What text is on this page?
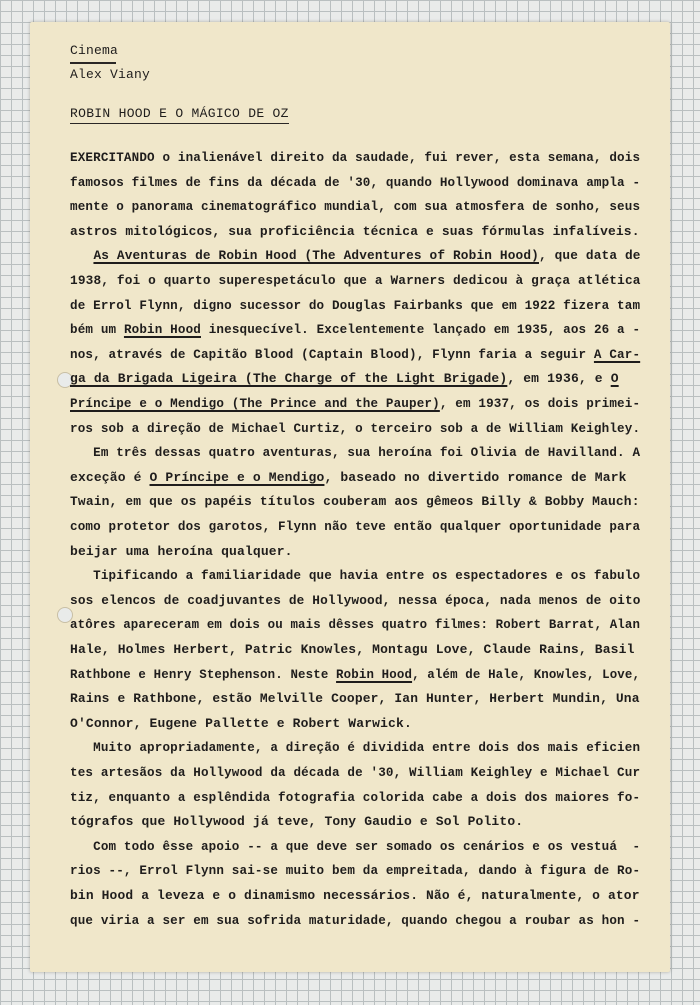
Cinema
Alex Viany
ROBIN HOOD E O MÁGICO DE OZ
EXERCITANDO o inalienável direito da saudade, fui rever, esta semana, dois
famosos filmes de fins da década de '30, quando Hollywood dominava ampla -
mente o panorama cinematográfico mundial, com sua atmosfera de sonho, seus
astros mitológicos, sua proficiência técnica e suas fórmulas infalíveis.
As Aventuras de Robin Hood (The Adventures of Robin Hood), que data de
1938, foi o quarto superespetáculo que a Warners dedicou à graça atlética
de Errol Flynn, digno sucessor do Douglas Fairbanks que em 1922 fizera tam
bém um Robin Hood inesquecível. Excelentemente lançado em 1935, aos 26 a -
nos, através de Capitão Blood (Captain Blood), Flynn faria a seguir A Car-
ga da Brigada Ligeira (The Charge of the Light Brigade), em 1936, e O
Príncipe e o Mendigo (The Prince and the Pauper), em 1937, os dois primei-
ros sob a direção de Michael Curtiz, o terceiro sob a de William Keighley.
Em três dessas quatro aventuras, sua heroína foi Olivia de Havilland. A
exceção é O Príncipe e o Mendigo, baseado no divertido romance de Mark
Twain, em que os papéis títulos couberam aos gêmeos Billy & Bobby Mauch:
como protetor dos garotos, Flynn não teve então qualquer oportunidade para
beijar uma heroína qualquer.
Tipificando a familiaridade que havia entre os espectadores e os fabulo
sos elencos de coadjuvantes de Hollywood, nessa época, nada menos de oito
atôres apareceram em dois ou mais dêsses quatro filmes: Robert Barrat, Alan
Hale, Holmes Herbert, Patric Knowles, Montagu Love, Claude Rains, Basil
Rathbone e Henry Stephenson. Neste Robin Hood, além de Hale, Knowles, Love,
Rains e Rathbone, estão Melville Cooper, Ian Hunter, Herbert Mundin, Una
O'Connor, Eugene Pallette e Robert Warwick.
Muito apropriadamente, a direção é dividida entre dois dos mais eficien
tes artesãos da Hollywood da década de '30, William Keighley e Michael Cur
tiz, enquanto a esplêndida fotografia colorida cabe a dois dos maiores fo-
tógrafos que Hollywood já teve, Tony Gaudio e Sol Polito.
Com todo êsse apoio -- a que deve ser somado os cenários e os vestuá  -
rios --, Errol Flynn sai-se muito bem da empreitada, dando à figura de Ro-
bin Hood a leveza e o dinamismo necessários. Não é, naturalmente, o ator
que viria a ser em sua sofrida maturidade, quando chegou a roubar as hon -
